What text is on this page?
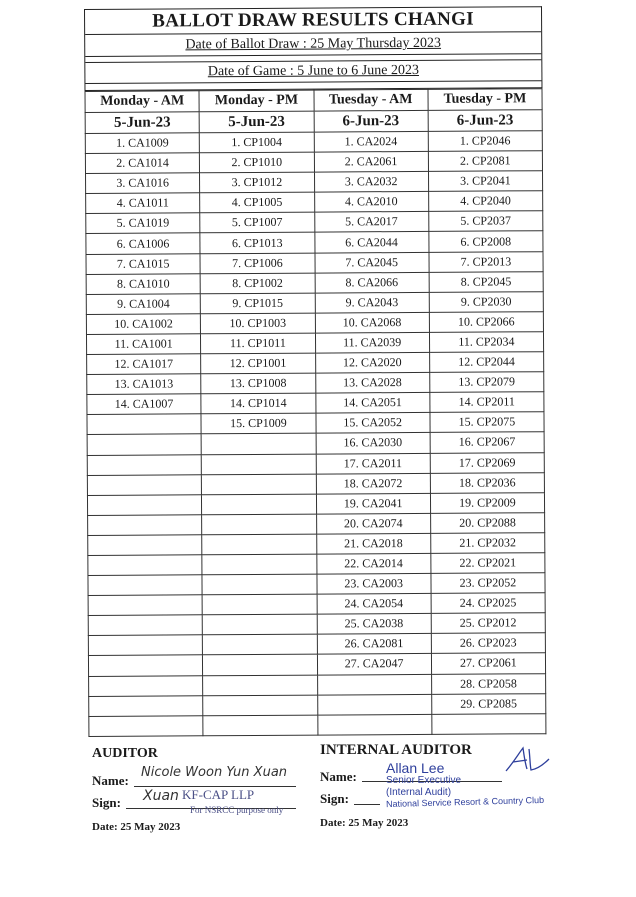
BALLOT DRAW RESULTS CHANGI
Date of Ballot Draw : 25 May Thursday 2023
Date of Game : 5 June to 6 June 2023
Monday - AM	Monday - PM	Tuesday - AM	Tuesday - PM
5-Jun-23	5-Jun-23	6-Jun-23	6-Jun-23
1. CA1009	1. CP1004	1. CA2024	1. CP2046
2. CA1014	2. CP1010	2. CA2061	2. CP2081
3. CA1016	3. CP1012	3. CA2032	3. CP2041
4. CA1011	4. CP1005	4. CA2010	4. CP2040
5. CA1019	5. CP1007	5. CA2017	5. CP2037
6. CA1006	6. CP1013	6. CA2044	6. CP2008
7. CA1015	7. CP1006	7. CA2045	7. CP2013
8. CA1010	8. CP1002	8. CA2066	8. CP2045
9. CA1004	9. CP1015	9. CA2043	9. CP2030
10. CA1002	10. CP1003	10. CA2068	10. CP2066
11. CA1001	11. CP1011	11. CA2039	11. CP2034
12. CA1017	12. CP1001	12. CA2020	12. CP2044
13. CA1013	13. CP1008	13. CA2028	13. CP2079
14. CA1007	14. CP1014	14. CA2051	14. CP2011
	15. CP1009	15. CA2052	15. CP2075
		16. CA2030	16. CP2067
		17. CA2011	17. CP2069
		18. CA2072	18. CP2036
		19. CA2041	19. CP2009
		20. CA2074	20. CP2088
		21. CA2018	21. CP2032
		22. CA2014	22. CP2021
		23. CA2003	23. CP2052
		24. CA2054	24. CP2025
		25. CA2038	25. CP2012
		26. CA2081	26. CP2023
		27. CA2047	27. CP2061
			28. CP2058
			29. CP2085

AUDITOR
Name:
Nicole Woon Yun Xuan
Sign: Xuan KF-CAP LLP
For NSRCC purpose only
Date: 25 May 2023
INTERNAL AUDITOR
Name:
Allan Lee
Senior Executive
(Internal Audit)
National Service Resort & Country Club
Sign:
Date: 25 May 2023
